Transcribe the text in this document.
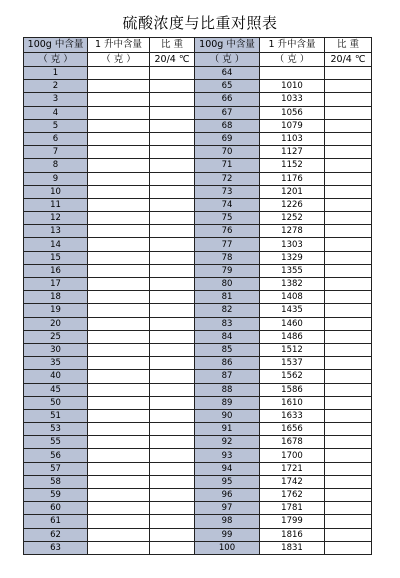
硫酸浓度与比重对照表
100g 中含量	1 升中含量	比 重	100g 中含量	1 升中含量	比 重
（ 克 ）	（ 克 ）	20/4 ℃	（ 克 ）	（ 克 ）	20/4 ℃
1			64		
2			65	1010	
3			66	1033	
4			67	1056	
5			68	1079	
6			69	1103	
7			70	1127	
8			71	1152	
9			72	1176	
10			73	1201	
11			74	1226	
12			75	1252	
13			76	1278	
14			77	1303	
15			78	1329	
16			79	1355	
17			80	1382	
18			81	1408	
19			82	1435	
20			83	1460	
25			84	1486	
30			85	1512	
35			86	1537	
40			87	1562	
45			88	1586	
50			89	1610	
51			90	1633	
53			91	1656	
55			92	1678	
56			93	1700	
57			94	1721	
58			95	1742	
59			96	1762	
60			97	1781	
61			98	1799	
62			99	1816	
63			100	1831	
